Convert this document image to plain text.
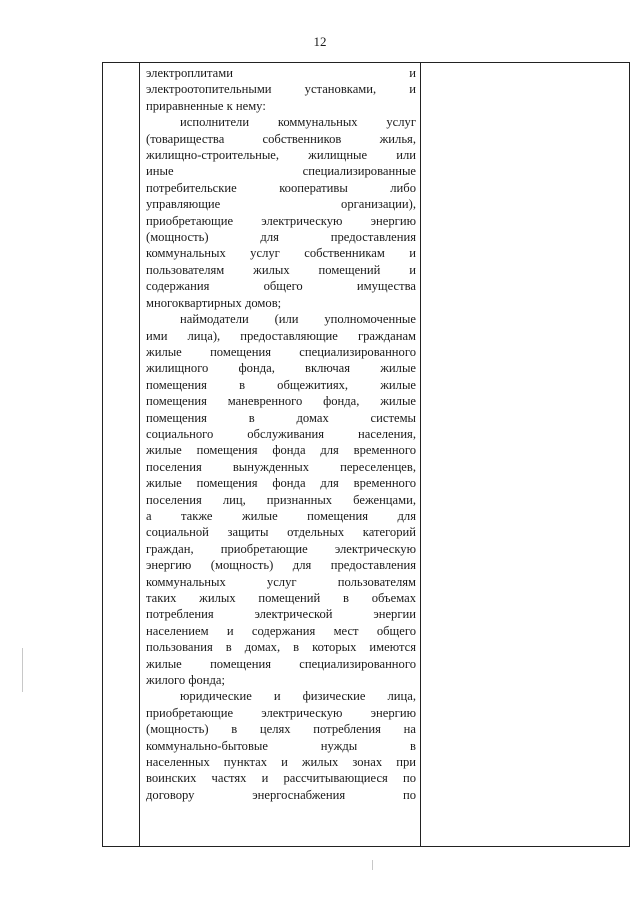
12

электроплитами и
электроотопительными установками, и
приравненные к нему:
исполнители коммунальных услуг
(товарищества собственников жилья,
жилищно-строительные, жилищные или
иные специализированные
потребительские кооперативы либо
управляющие организации),
приобретающие электрическую энергию
(мощность) для предоставления
коммунальных услуг собственникам и
пользователям жилых помещений и
содержания общего имущества
многоквартирных домов;
наймодатели (или уполномоченные
ими лица), предоставляющие гражданам
жилые помещения специализированного
жилищного фонда, включая жилые
помещения в общежитиях, жилые
помещения маневренного фонда, жилые
помещения в домах системы
социального обслуживания населения,
жилые помещения фонда для временного
поселения вынужденных переселенцев,
жилые помещения фонда для временного
поселения лиц, признанных беженцами,
а также жилые помещения для
социальной защиты отдельных категорий
граждан, приобретающие электрическую
энергию (мощность) для предоставления
коммунальных услуг пользователям
таких жилых помещений в объемах
потребления электрической энергии
населением и содержания мест общего
пользования в домах, в которых имеются
жилые помещения специализированного
жилого фонда;
юридические и физические лица,
приобретающие электрическую энергию
(мощность) в целях потребления на
коммунально-бытовые нужды в
населенных пунктах и жилых зонах при
воинских частях и рассчитывающиеся по
договору энергоснабжения по
